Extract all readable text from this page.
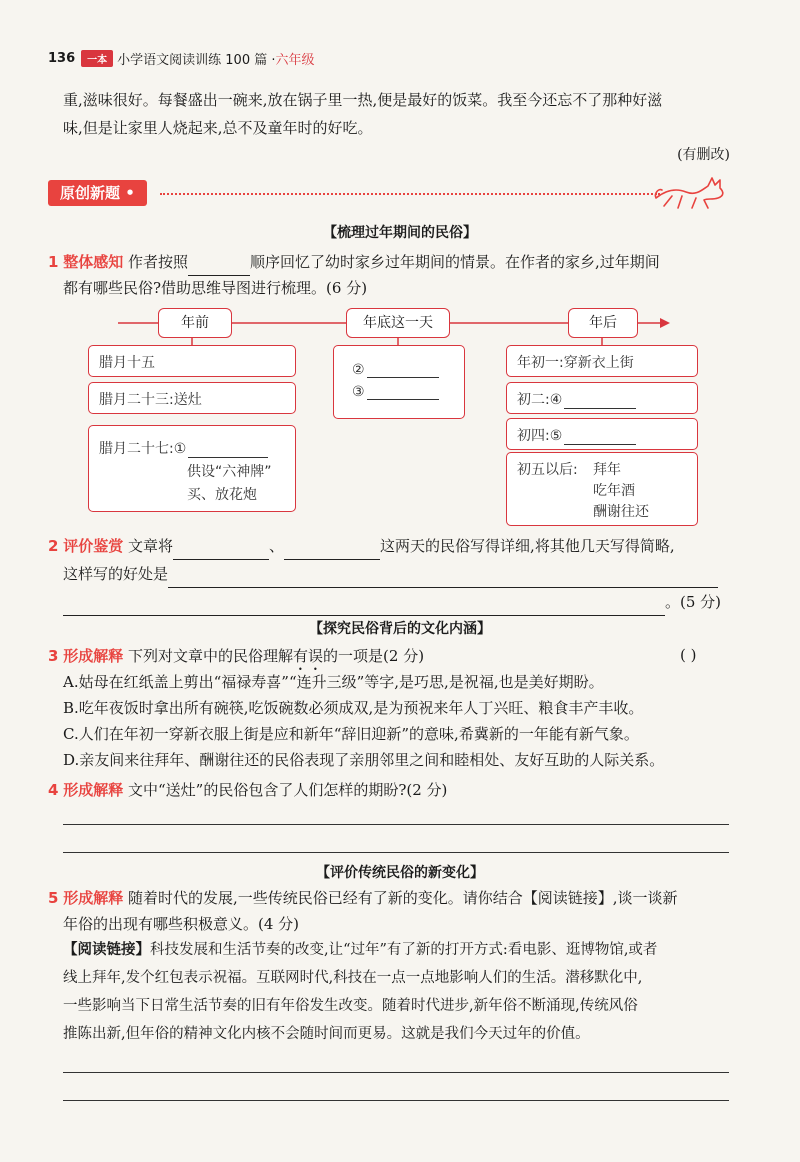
136	一本 小学语文阅读训练 100 篇 · 六年级
重,滋味很好。每餐盛出一碗来,放在锅子里一热,便是最好的饭菜。我至今还忘不了那种好滋
味,但是让家里人烧起来,总不及童年时的好吃。
(有删改)
原创新题 •
【梳理过年期间的民俗】
1 整体感知 作者按照	顺序回忆了幼时家乡过年期间的情景。在作者的家乡,过年期间
都有哪些民俗?借助思维导图进行梳理。(6 分)
年前	年底这一天	年后
腊月十五
腊月二十三:送灶
腊月二十七:①
供设“六神牌”
买、放花炮
②
③
年初一:穿新衣上街
初二:④
初四:⑤
初五以后: 拜年
吃年酒
酬谢往还
2 评价鉴赏 文章将	、	这两天的民俗写得详细,将其他几天写得简略,
这样写的好处是
。(5 分)
【探究民俗背后的文化内涵】
3 形成解释 下列对文章中的民俗理解有误的一项是(2 分)	( )
A.姑母在红纸盖上剪出“福禄寿喜”“连升三级”等字,是巧思,是祝福,也是美好期盼。
B.吃年夜饭时拿出所有碗筷,吃饭碗数必须成双,是为预祝来年人丁兴旺、粮食丰产丰收。
C.人们在年初一穿新衣服上街是应和新年“辞旧迎新”的意味,希冀新的一年能有新气象。
D.亲友间来往拜年、酬谢往还的民俗表现了亲朋邻里之间和睦相处、友好互助的人际关系。
4 形成解释 文中“送灶”的民俗包含了人们怎样的期盼?(2 分)
【评价传统民俗的新变化】
5 形成解释 随着时代的发展,一些传统民俗已经有了新的变化。请你结合【阅读链接】,谈一谈新
年俗的出现有哪些积极意义。(4 分)
【阅读链接】科技发展和生活节奏的改变,让“过年”有了新的打开方式:看电影、逛博物馆,或者
线上拜年,发个红包表示祝福。互联网时代,科技在一点一点地影响人们的生活。潜移默化中,
一些影响当下日常生活节奏的旧有年俗发生改变。随着时代进步,新年俗不断涌现,传统风俗
推陈出新,但年俗的精神文化内核不会随时间而更易。这就是我们今天过年的价值。
